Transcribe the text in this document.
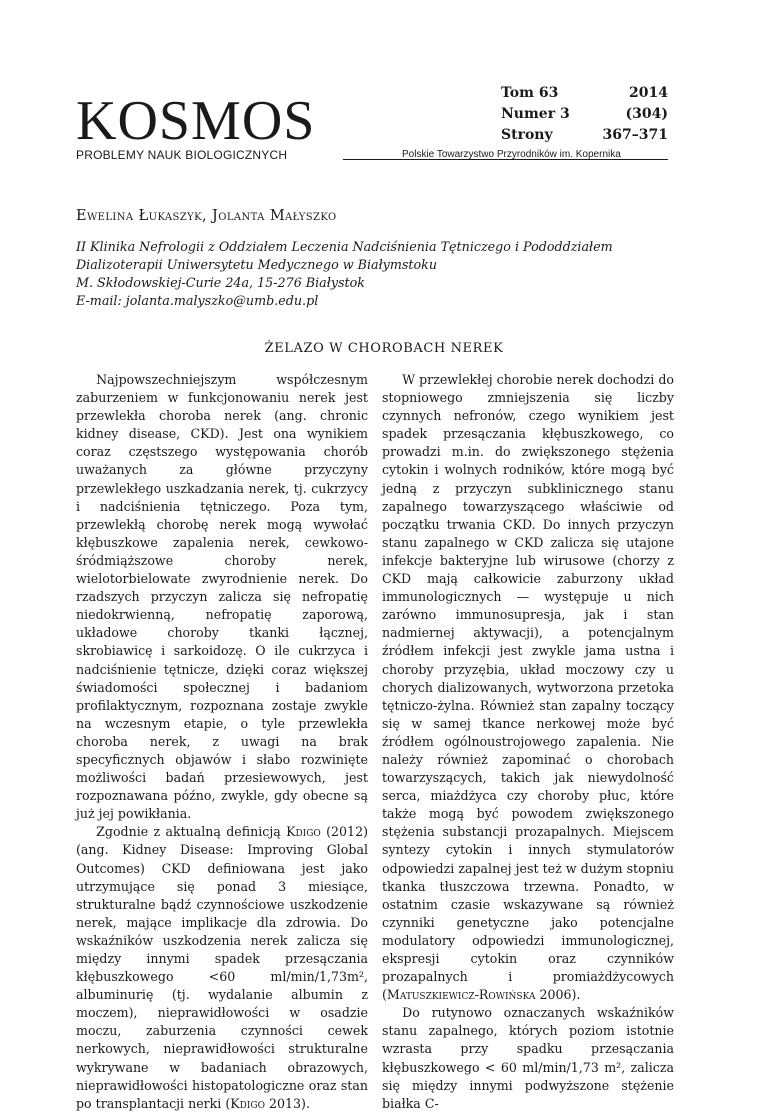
KOSMOS
PROBLEMY NAUK BIOLOGICZNYCH
Tom 63
Numer 3
Strony
2014
(304)
367–371
Polskie Towarzystwo Przyrodników im. Kopernika
Ewelina Łukaszyk, Jolanta Małyszko
II Klinika Nefrologii z Oddziałem Leczenia Nadciśnienia Tętniczego i Pododdziałem
Dializoterapii Uniwersytetu Medycznego w Białymstoku
M. Skłodowskiej-Curie 24a, 15-276 Białystok
E-mail: jolanta.malyszko@umb.edu.pl
ŻELAZO W CHOROBACH NEREK

Najpowszechniejszym współczesnym zaburzeniem w funkcjonowaniu nerek jest przewlekła choroba nerek (ang. chronic kidney disease, CKD). Jest ona wynikiem coraz częstszego występowania chorób uważanych za główne przyczyny przewlekłego uszkadzania nerek, tj. cukrzycy i nadciśnienia tętniczego. Poza tym, przewlekłą chorobę nerek mogą wywołać kłębuszkowe zapalenia nerek, cewkowo-śródmiąższowe choroby nerek, wielotorbielowate zwyrodnienie nerek. Do rzadszych przyczyn zalicza się nefropatię niedokrwienną, nefropatię zaporową, układowe choroby tkanki łącznej, skrobiawicę i sarkoidozę. O ile cukrzyca i nadciśnienie tętnicze, dzięki coraz większej świadomości społecznej i badaniom profilaktycznym, rozpoznana zostaje zwykle na wczesnym etapie, o tyle przewlekła choroba nerek, z uwagi na brak specyficznych objawów i słabo rozwinięte możliwości badań przesiewowych, jest rozpoznawana późno, zwykle, gdy obecne są już jej powikłania.

Zgodnie z aktualną definicją Kdigo (2012) (ang. Kidney Disease: Improving Global Outcomes) CKD definiowana jest jako utrzymujące się ponad 3 miesiące, strukturalne bądź czynnościowe uszkodzenie nerek, mające implikacje dla zdrowia. Do wskaźników uszkodzenia nerek zalicza się między innymi spadek przesączania kłębuszkowego <60 ml/min/1,73m², albuminurię (tj. wydalanie albumin z moczem), nieprawidłowości w osadzie moczu, zaburzenia czynności cewek nerkowych, nieprawidłowości strukturalne wykrywane w badaniach obrazowych, nieprawidłowości histopatologiczne oraz stan po transplantacji nerki (Kdigo 2013).

W przewlekłej chorobie nerek dochodzi do stopniowego zmniejszenia się liczby czynnych nefronów, czego wynikiem jest spadek przesączania kłębuszkowego, co prowadzi m.in. do zwiększonego stężenia cytokin i wolnych rodników, które mogą być jedną z przyczyn subklinicznego stanu zapalnego towarzyszącego właściwie od początku trwania CKD. Do innych przyczyn stanu zapalnego w CKD zalicza się utajone infekcje bakteryjne lub wirusowe (chorzy z CKD mają całkowicie zaburzony układ immunologicznych — występuje u nich zarówno immunosupresja, jak i stan nadmiernej aktywacji), a potencjalnym źródłem infekcji jest zwykle jama ustna i choroby przyzębia, układ moczowy czy u chorych dializowanych, wytworzona przetoka tętniczo-żylna. Również stan zapalny toczący się w samej tkance nerkowej może być źródłem ogólnoustrojowego zapalenia. Nie należy również zapominać o chorobach towarzyszących, takich jak niewydolność serca, miażdżyca czy choroby płuc, które także mogą być powodem zwiększonego stężenia substancji prozapalnych. Miejscem syntezy cytokin i innych stymulatorów odpowiedzi zapalnej jest też w dużym stopniu tkanka tłuszczowa trzewna. Ponadto, w ostatnim czasie wskazywane są również czynniki genetyczne jako potencjalne modulatory odpowiedzi immunologicznej, ekspresji cytokin oraz czynników prozapalnych i promiażdżycowych (Matuszkiewicz-Rowińska 2006).

Do rutynowo oznaczanych wskaźników stanu zapalnego, których poziom istotnie wzrasta przy spadku przesączania kłębuszkowego < 60 ml/min/1,73 m², zalicza się między innymi podwyższone stężenie białka C-
